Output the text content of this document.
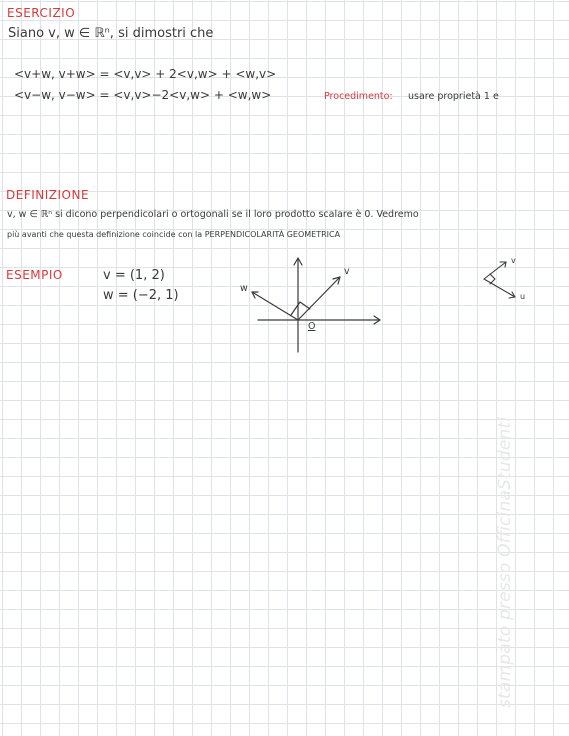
ESERCIZIO
Siano v, w ∈ ℝⁿ, si dimostri che
<v+w, v+w> = <v,v> + 2<v,w> + <w,v>
<v−w, v−w> = <v,v>−2<v,w> + <w,w>	Procedimento: usare proprietà 1 e
DEFINIZIONE
v, w ∈ ℝⁿ si dicono perpendicolari o ortogonali se il loro prodotto scalare è 0. Vedremo
più avanti che questa definizione coincide con la PERPENDICOLARITÀ GEOMETRICA
ESEMPIO	v = (1, 2)
w = (−2, 1)
v
w
O
v
u
stampato presso OfficinaStudenti
